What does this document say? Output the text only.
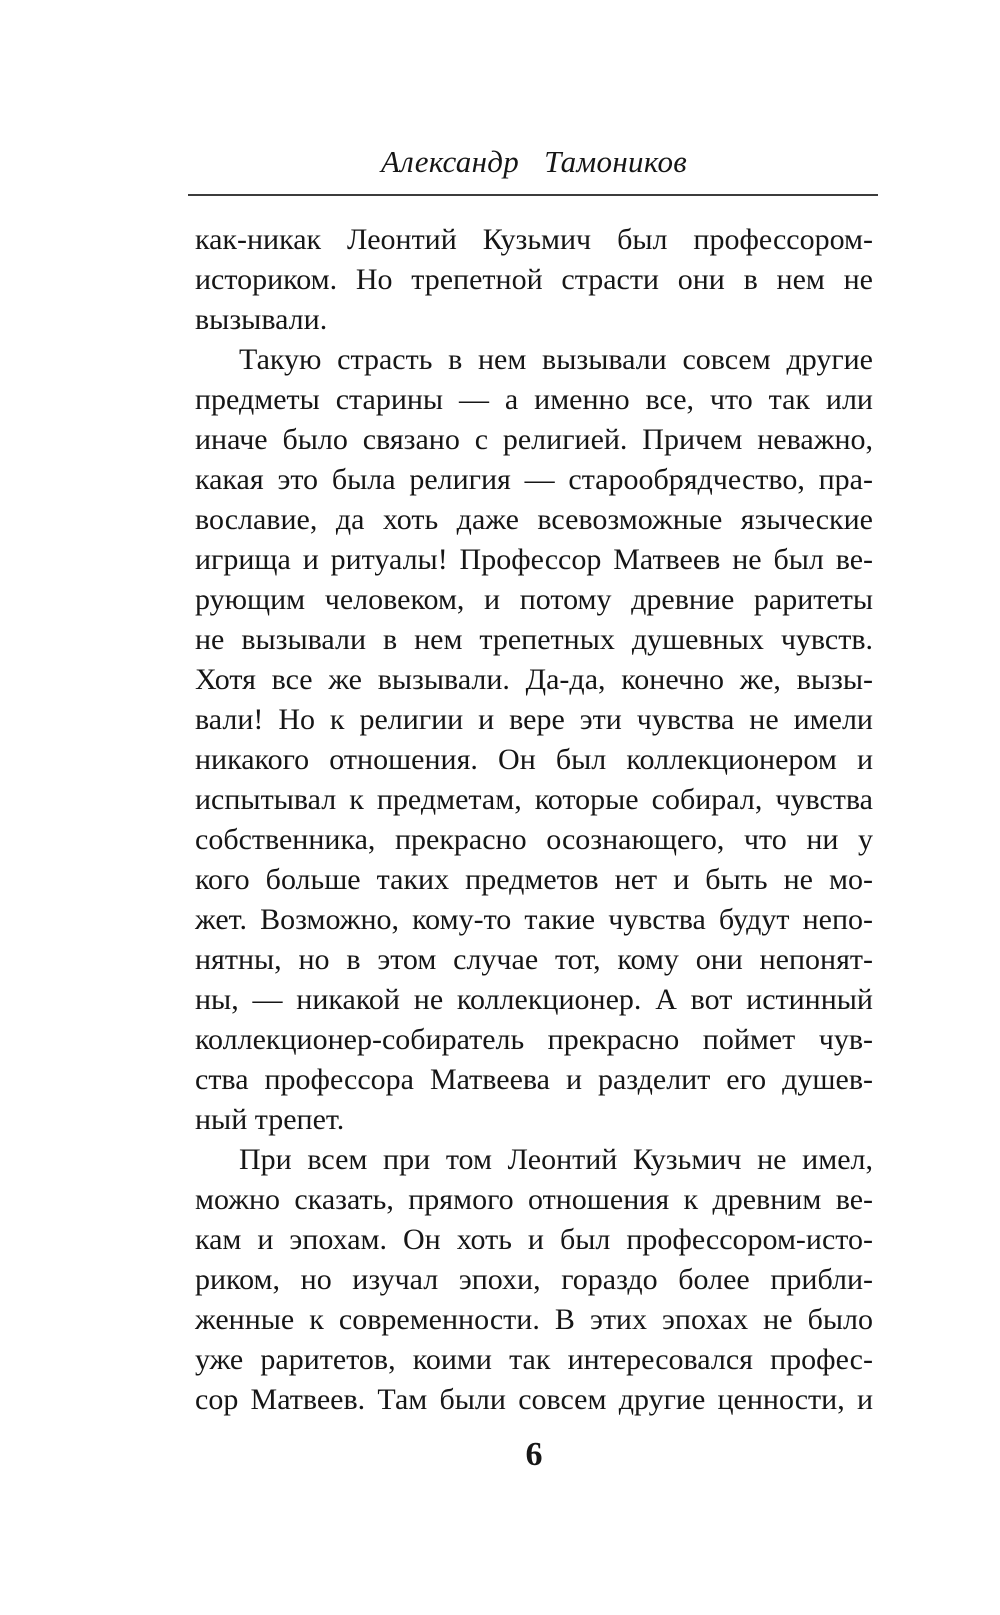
Александр Тамоников
как-никак Леонтий Кузьмич был профессором-
историком. Но трепетной страсти они в нем не
вызывали.
Такую страсть в нем вызывали совсем другие
предметы старины — а именно все, что так или
иначе было связано с религией. Причем неважно,
какая это была религия — старообрядчество, пра-
вославие, да хоть даже всевозможные языческие
игрища и ритуалы! Профессор Матвеев не был ве-
рующим человеком, и потому древние раритеты
не вызывали в нем трепетных душевных чувств.
Хотя все же вызывали. Да-да, конечно же, вызы-
вали! Но к религии и вере эти чувства не имели
никакого отношения. Он был коллекционером и
испытывал к предметам, которые собирал, чувства
собственника, прекрасно осознающего, что ни у
кого больше таких предметов нет и быть не мо-
жет. Возможно, кому-то такие чувства будут непо-
нятны, но в этом случае тот, кому они непонят-
ны, — никакой не коллекционер. А вот истинный
коллекционер-собиратель прекрасно поймет чув-
ства профессора Матвеева и разделит его душев-
ный трепет.
При всем при том Леонтий Кузьмич не имел,
можно сказать, прямого отношения к древним ве-
кам и эпохам. Он хоть и был профессором-исто-
риком, но изучал эпохи, гораздо более прибли-
женные к современности. В этих эпохах не было
уже раритетов, коими так интересовался профес-
сор Матвеев. Там были совсем другие ценности, и
6
